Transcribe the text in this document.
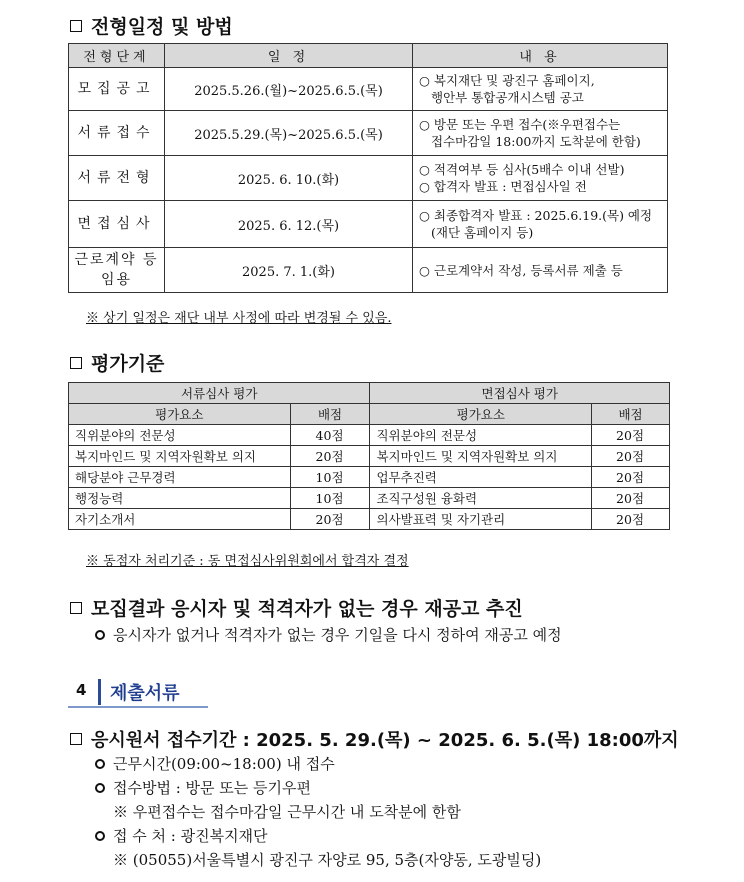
전형일정 및 방법
전형단계	일 정	내 용
모집공고	2025.5.26.(월)~2025.6.5.(목)	○ 복지재단 및 광진구 홈페이지,
행안부 통합공개시스템 공고

서류접수	2025.5.29.(목)~2025.6.5.(목)	○ 방문 또는 우편 접수(※우편접수는
접수마감일 18:00까지 도착분에 한함)

서류전형	2025. 6. 10.(화)	○ 적격여부 등 심사(5배수 이내 선발)
○ 합격자 발표 : 면접심사일 전

면접심사	2025. 6. 12.(목)	○ 최종합격자 발표 : 2025.6.19.(목) 예정
(재단 홈페이지 등)

근로계약 등 임용	2025. 7. 1.(화)	○ 근로계약서 작성, 등록서류 제출 등
※ 상기 일정은 재단 내부 사정에 따라 변경될 수 있음.
평가기준
서류심사 평가		면접심사 평가	
평가요소	배점	평가요소	배점
직위분야의 전문성	40점	직위분야의 전문성	20점
복지마인드 및 지역자원확보 의지	20점	복지마인드 및 지역자원확보 의지	20점
해당분야 근무경력	10점	업무추진력	20점
행정능력	10점	조직구성원 융화력	20점
자기소개서	20점	의사발표력 및 자기관리	20점
※ 동점자 처리기준 : 동 면접심사위원회에서 합격자 결정
모집결과 응시자 및 적격자가 없는 경우 재공고 추진
응시자가 없거나 적격자가 없는 경우 기일을 다시 정하여 재공고 예정
4 제출서류
응시원서 접수기간 : 2025. 5. 29.(목) ~ 2025. 6. 5.(목) 18:00까지
근무시간(09:00~18:00) 내 접수
접수방법 : 방문 또는 등기우편
※ 우편접수는 접수마감일 근무시간 내 도착분에 한함
접 수 처 : 광진복지재단
※ (05055)서울특별시 광진구 자양로 95, 5층(자양동, 도광빌딩)
